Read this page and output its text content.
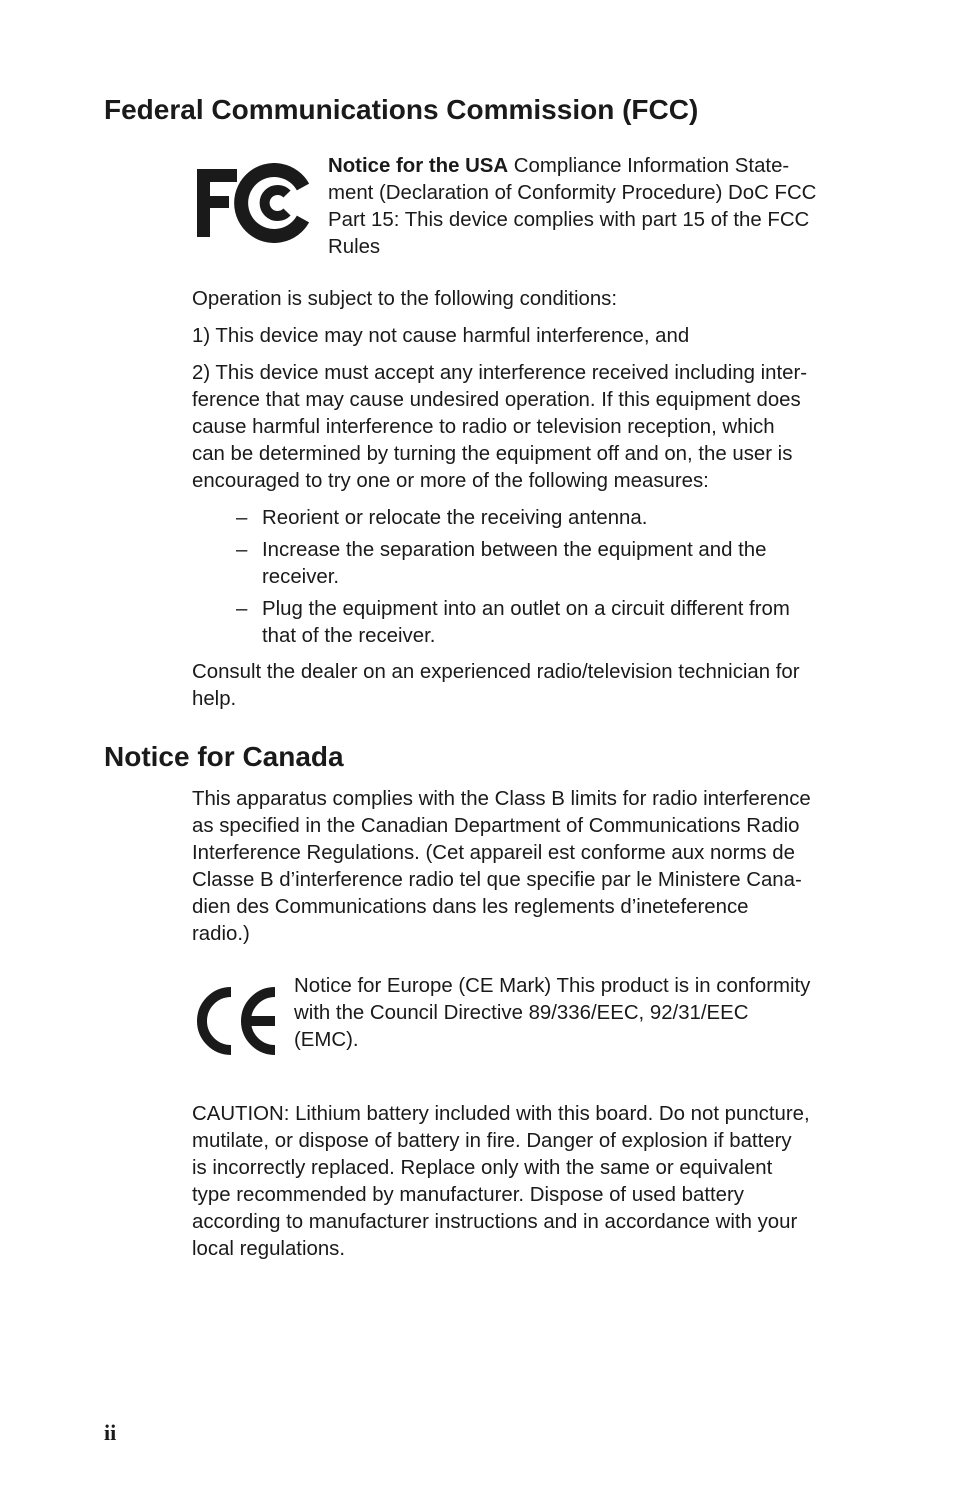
Federal Communications Commission (FCC)

Notice for the USA Compliance Information State-
ment (Declaration of Conformity Procedure) DoC FCC
Part 15: This device complies with part 15 of the FCC
Rules

Operation is subject to the following conditions:

1) This device may not cause harmful interference, and

2) This device must accept any interference received including inter-
ference that may cause undesired operation. If this equipment does
cause harmful interference to radio or television reception, which
can be determined by turning the equipment off and on, the user is
encouraged to try one or more of the following measures:

– Reorient or relocate the receiving antenna.
– Increase the separation between the equipment and the
receiver.
– Plug the equipment into an outlet on a circuit different from
that of the receiver.

Consult the dealer on an experienced radio/television technician for
help.

Notice for Canada

This apparatus complies with the Class B limits for radio interference
as specified in the Canadian Department of Communications Radio
Interference Regulations. (Cet appareil est conforme aux norms de
Classe B d’interference radio tel que specifie par le Ministere Cana-
dien des Communications dans les reglements d’ineteference
radio.)

Notice for Europe (CE Mark) This product is in conformity
with the Council Directive 89/336/EEC, 92/31/EEC
(EMC).

CAUTION: Lithium battery included with this board. Do not puncture,
mutilate, or dispose of battery in fire. Danger of explosion if battery
is incorrectly replaced. Replace only with the same or equivalent
type recommended by manufacturer. Dispose of used battery
according to manufacturer instructions and in accordance with your
local regulations.

ii
